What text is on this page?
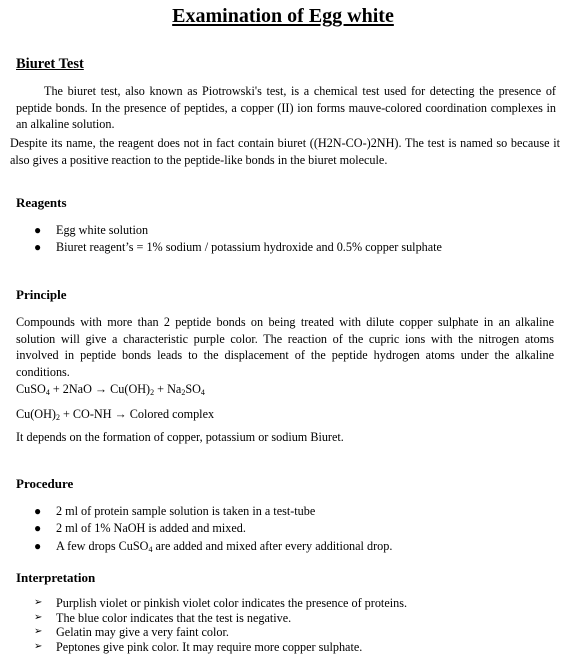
Examination of Egg white
Biuret Test
The biuret test, also known as Piotrowski's test, is a chemical test used for detecting the presence of peptide bonds. In the presence of peptides, a copper (II) ion forms mauve-colored coordination complexes in an alkaline solution.
Despite its name, the reagent does not in fact contain biuret ((H2N-CO-)2NH). The test is named so because it also gives a positive reaction to the peptide-like bonds in the biuret molecule.
Reagents
●	Egg white solution
●	Biuret reagent’s = 1% sodium / potassium hydroxide and 0.5% copper sulphate
Principle
Compounds with more than 2 peptide bonds on being treated with dilute copper sulphate in an alkaline solution will give a characteristic purple color. The reaction of the cupric ions with the nitrogen atoms involved in peptide bonds leads to the displacement of the peptide hydrogen atoms under the alkaline conditions.
CuSO$_4$ + $2NaO \to Cu(OH)_2 + Na_2SO_4$
$Cu(OH)_2 + CO-NH$ → Colored complex
It depends on the formation of copper, potassium or sodium Biuret.
Procedure
●	2 ml of protein sample solution is taken in a test-tube
●	2 ml of 1% NaOH is added and mixed.
●	A few drops CuSO$_4$ are added and mixed after every additional drop.
Interpretation
➢	Purplish violet or pinkish violet color indicates the presence of proteins.
➢	The blue color indicates that the test is negative.
➢	Gelatin may give a very faint color.
➢	Peptones give pink color. It may require more copper sulphate.
